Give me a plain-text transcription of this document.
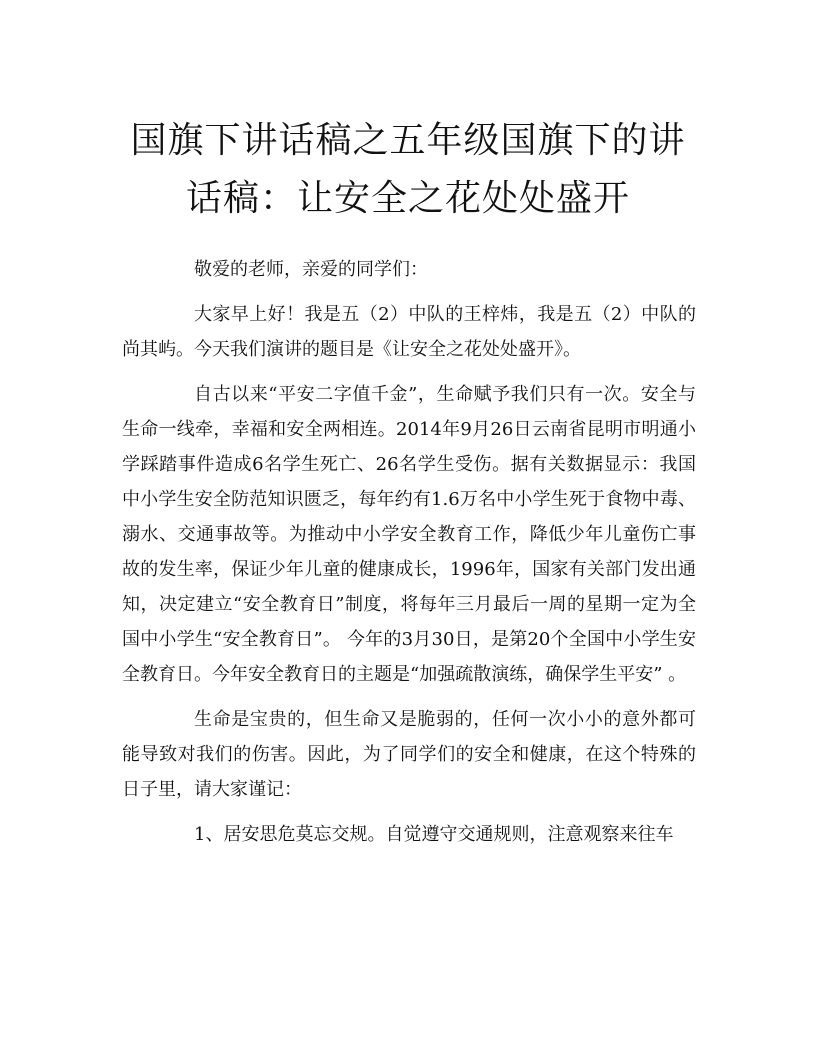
国旗下讲话稿之五年级国旗下的讲话稿：让安全之花处处盛开

敬爱的老师，亲爱的同学们：

大家早上好！我是五（2）中队的王梓炜，我是五（2）中队的尚其屿。今天我们演讲的题目是《让安全之花处处盛开》。

自古以来“平安二字值千金”，生命赋予我们只有一次。安全与生命一线牵，幸福和安全两相连。2014年9月26日云南省昆明市明通小学踩踏事件造成6名学生死亡、26名学生受伤。据有关数据显示：我国中小学生安全防范知识匮乏，每年约有1.6万名中小学生死于食物中毒、溺水、交通事故等。为推动中小学安全教育工作，降低少年儿童伤亡事故的发生率，保证少年儿童的健康成长，1996年，国家有关部门发出通知，决定建立“安全教育日”制度，将每年三月最后一周的星期一定为全国中小学生“安全教育日”。 今年的3月30日，是第20个全国中小学生安全教育日。今年安全教育日的主题是“加强疏散演练，确保学生平安” 。

生命是宝贵的，但生命又是脆弱的，任何一次小小的意外都可能导致对我们的伤害。因此，为了同学们的安全和健康，在这个特殊的日子里，请大家谨记：

1、居安思危莫忘交规。自觉遵守交通规则，注意观察来往车
